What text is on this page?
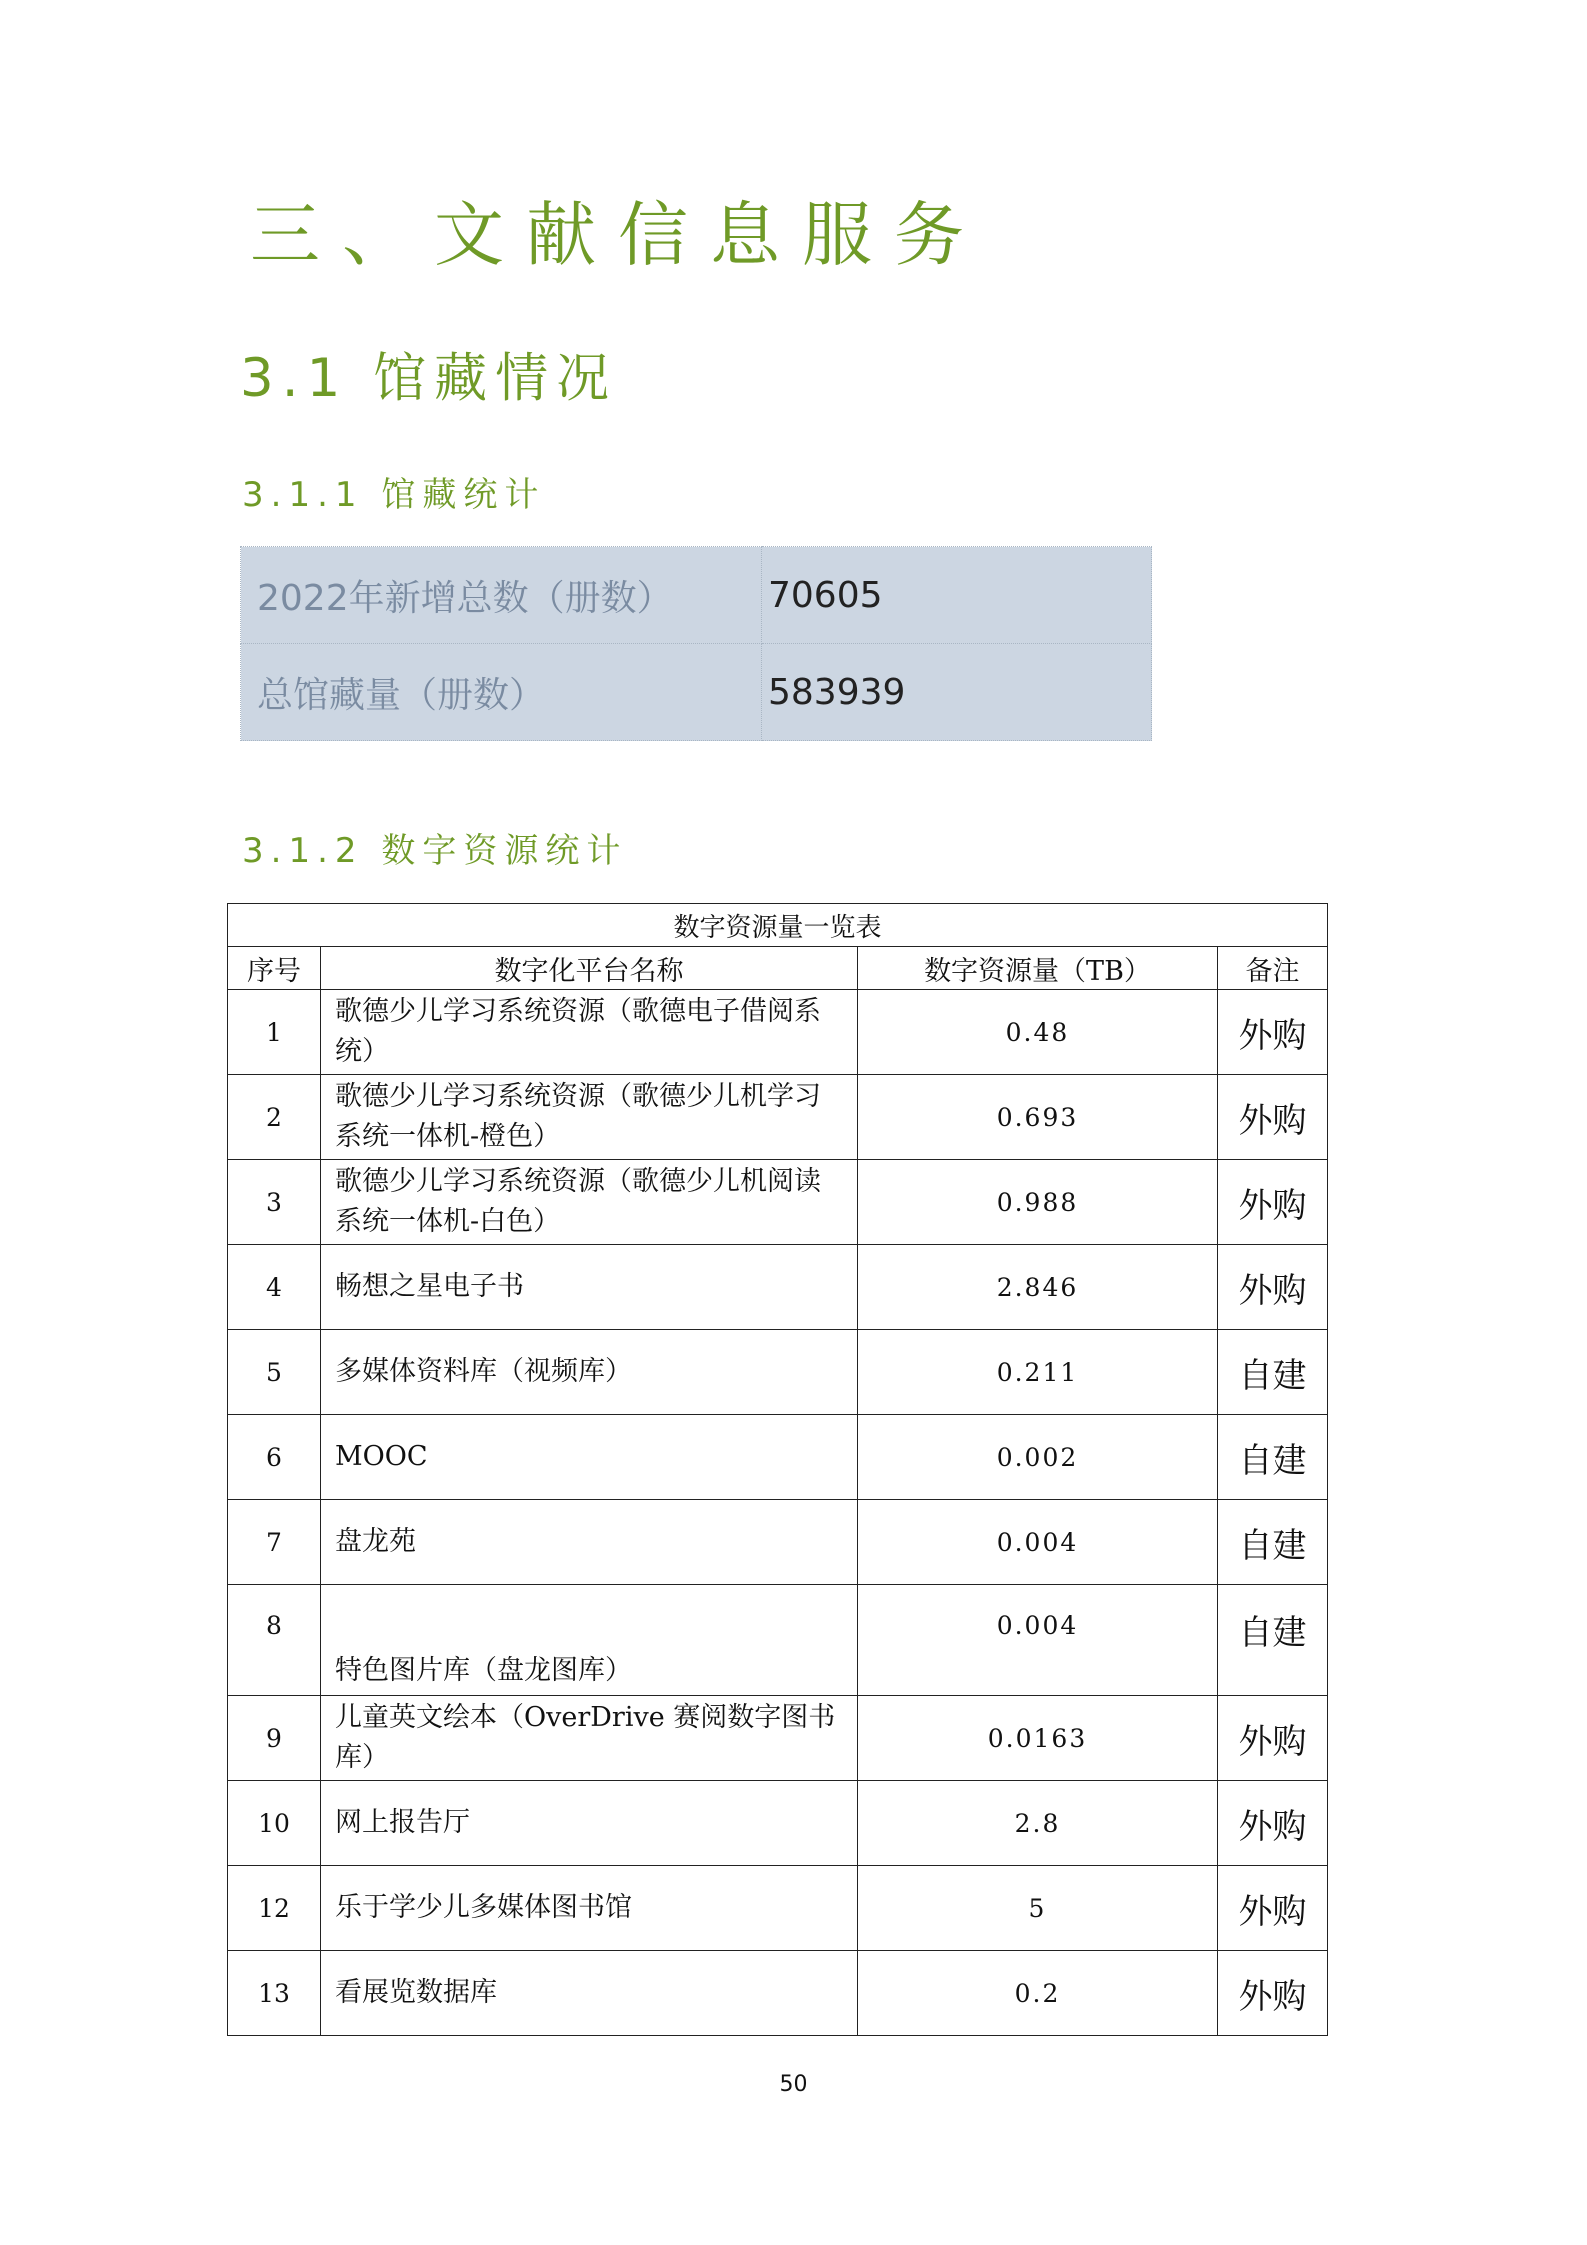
三、文献信息服务
3.1 馆藏情况
3.1.1 馆藏统计
2022年新增总数（册数）	70605
总馆藏量（册数）	583939
3.1.2 数字资源统计
数字资源量一览表			
序号	数字化平台名称	数字资源量（TB）	备注
1	歌德少儿学习系统资源（歌德电子借阅系统）	0.48	外购
2	歌德少儿学习系统资源（歌德少儿机学习系统一体机-橙色）	0.693	外购
3	歌德少儿学习系统资源（歌德少儿机阅读系统一体机-白色）	0.988	外购
4	畅想之星电子书	2.846	外购
5	多媒体资料库（视频库）	0.211	自建
6	MOOC	0.002	自建
7	盘龙苑	0.004	自建
8	特色图片库（盘龙图库）	0.004	自建
9	儿童英文绘本（OverDrive 赛阅数字图书库）	0.0163	外购
10	网上报告厅	2.8	外购
12	乐于学少儿多媒体图书馆	5	外购
13	看展览数据库	0.2	外购
50
